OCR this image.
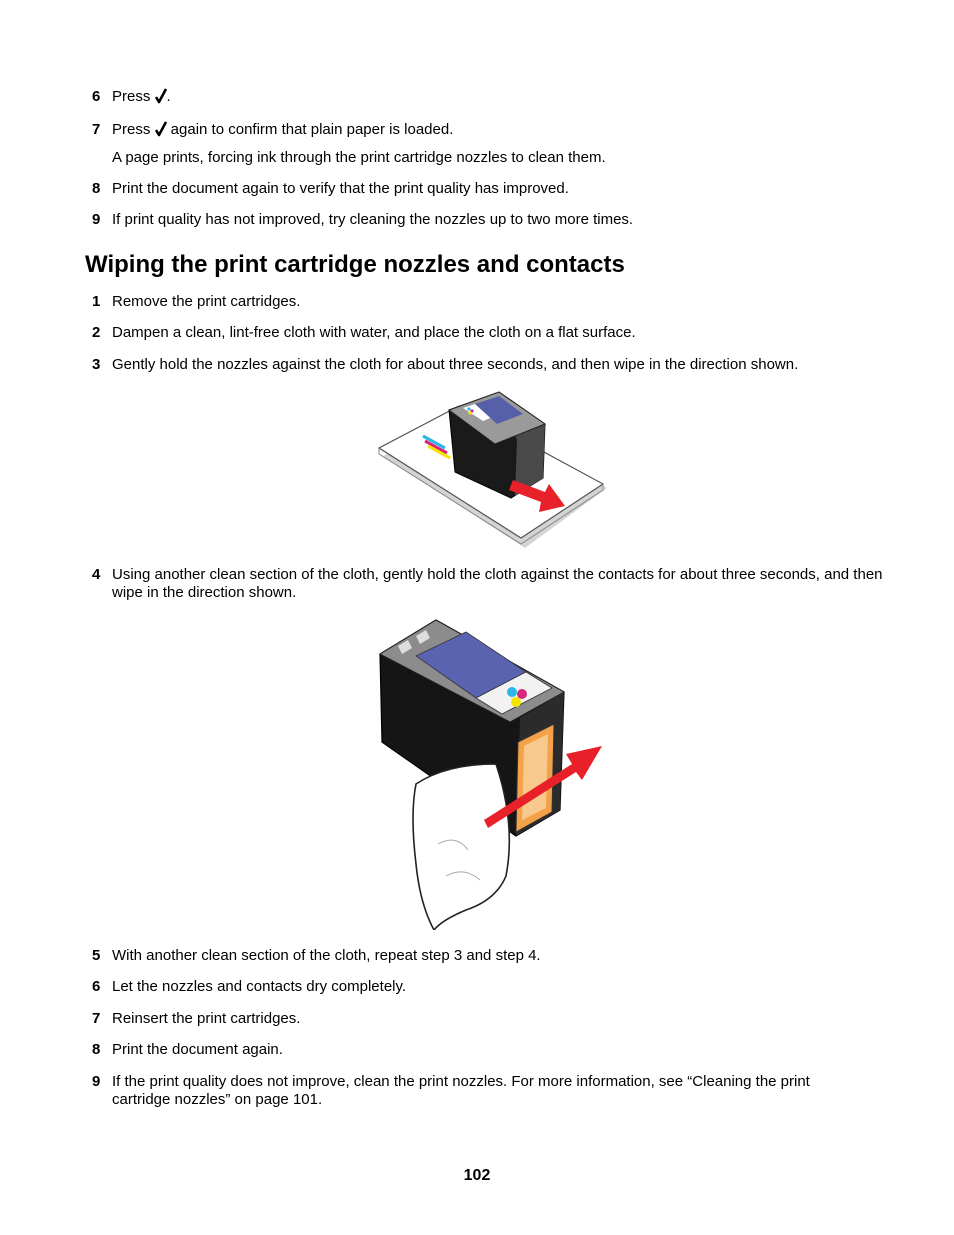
6 Press .
7 Press  again to confirm that plain paper is loaded.
A page prints, forcing ink through the print cartridge nozzles to clean them.
8 Print the document again to verify that the print quality has improved.
9 If print quality has not improved, try cleaning the nozzles up to two more times.
Wiping the print cartridge nozzles and contacts
1 Remove the print cartridges.
2 Dampen a clean, lint-free cloth with water, and place the cloth on a flat surface.
3 Gently hold the nozzles against the cloth for about three seconds, and then wipe in the direction shown.
4 Using another clean section of the cloth, gently hold the cloth against the contacts for about three seconds, and then wipe in the direction shown.
5 With another clean section of the cloth, repeat step 3 and step 4.
6 Let the nozzles and contacts dry completely.
7 Reinsert the print cartridges.
8 Print the document again.
9 If the print quality does not improve, clean the print nozzles. For more information, see “Cleaning the print cartridge nozzles” on page 101.
102
